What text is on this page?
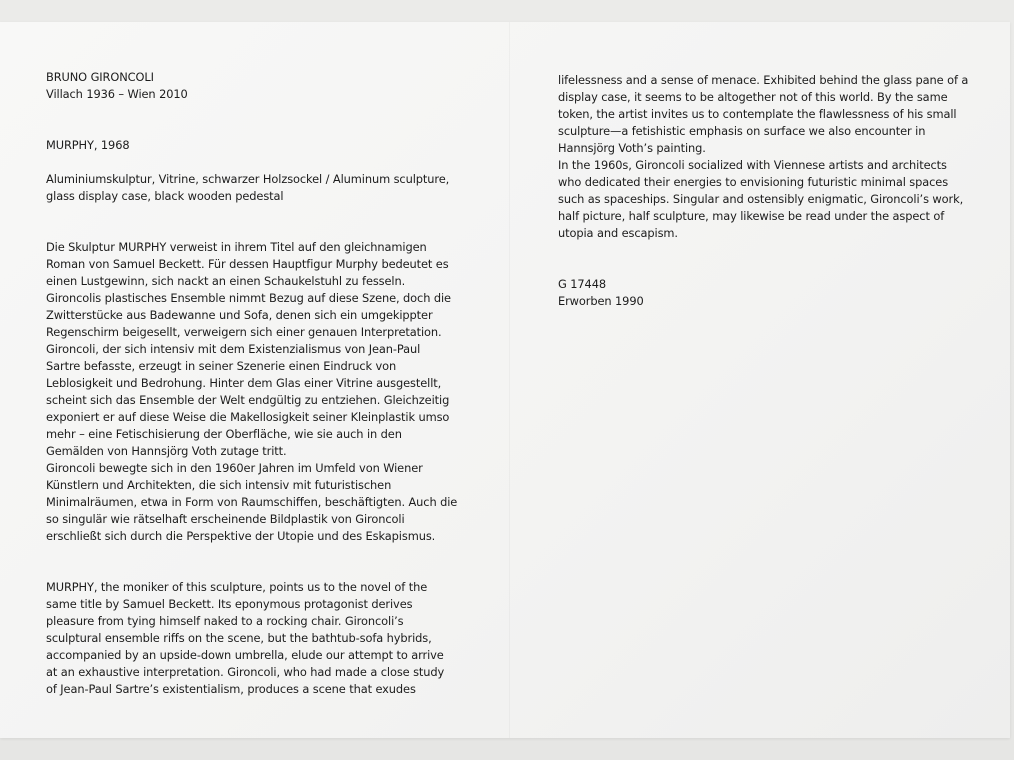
BRUNO GIRONCOLI
Villach 1936 – Wien 2010
MURPHY, 1968
Aluminiumskulptur, Vitrine, schwarzer Holzsockel / Aluminum sculpture,
glass display case, black wooden pedestal
Die Skulptur MURPHY verweist in ihrem Titel auf den gleichnamigen
Roman von Samuel Beckett. Für dessen Hauptfigur Murphy bedeutet es
einen Lustgewinn, sich nackt an einen Schaukelstuhl zu fesseln.
Gironcolis plastisches Ensemble nimmt Bezug auf diese Szene, doch die
Zwitterstücke aus Badewanne und Sofa, denen sich ein umgekippter
Regenschirm beigesellt, verweigern sich einer genauen Interpretation.
Gironcoli, der sich intensiv mit dem Existenzialismus von Jean-Paul
Sartre befasste, erzeugt in seiner Szenerie einen Eindruck von
Leblosigkeit und Bedrohung. Hinter dem Glas einer Vitrine ausgestellt,
scheint sich das Ensemble der Welt endgültig zu entziehen. Gleichzeitig
exponiert er auf diese Weise die Makellosigkeit seiner Kleinplastik umso
mehr – eine Fetischisierung der Oberfläche, wie sie auch in den
Gemälden von Hannsjörg Voth zutage tritt.
Gironcoli bewegte sich in den 1960er Jahren im Umfeld von Wiener
Künstlern und Architekten, die sich intensiv mit futuristischen
Minimalräumen, etwa in Form von Raumschiffen, beschäftigten. Auch die
so singulär wie rätselhaft erscheinende Bildplastik von Gironcoli
erschließt sich durch die Perspektive der Utopie und des Eskapismus.
MURPHY, the moniker of this sculpture, points us to the novel of the
same title by Samuel Beckett. Its eponymous protagonist derives
pleasure from tying himself naked to a rocking chair. Gironcoli’s
sculptural ensemble riffs on the scene, but the bathtub-sofa hybrids,
accompanied by an upside-down umbrella, elude our attempt to arrive
at an exhaustive interpretation. Gironcoli, who had made a close study
of Jean-Paul Sartre’s existentialism, produces a scene that exudes
lifelessness and a sense of menace. Exhibited behind the glass pane of a
display case, it seems to be altogether not of this world. By the same
token, the artist invites us to contemplate the flawlessness of his small
sculpture—a fetishistic emphasis on surface we also encounter in
Hannsjörg Voth’s painting.
In the 1960s, Gironcoli socialized with Viennese artists and architects
who dedicated their energies to envisioning futuristic minimal spaces
such as spaceships. Singular and ostensibly enigmatic, Gironcoli’s work,
half picture, half sculpture, may likewise be read under the aspect of
utopia and escapism.
G 17448
Erworben 1990
